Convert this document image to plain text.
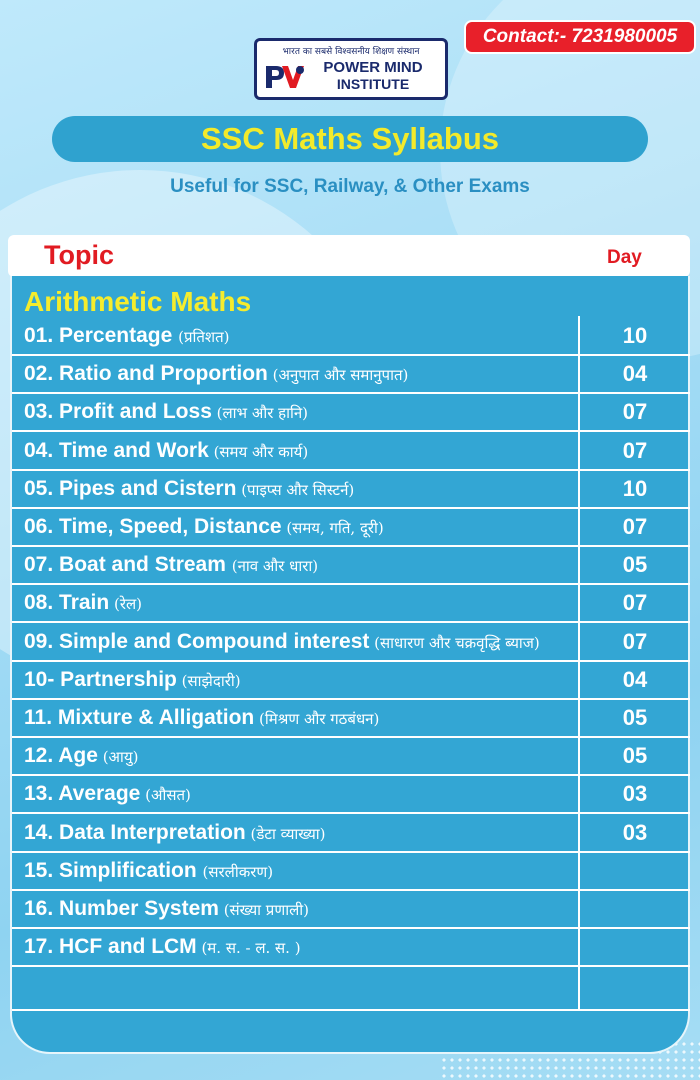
Contact:- 7231980005
भारत का सबसे विश्वसनीय शिक्षण संस्थान
POWER MIND
INSTITUTE
SSC Maths Syllabus
Useful for SSC, Railway, & Other Exams
Topic	Day
Arithmetic Maths
01. Percentage (प्रतिशत)	10
02. Ratio and Proportion (अनुपात और समानुपात)	04
03. Profit and Loss (लाभ और हानि)	07
04. Time and Work (समय और कार्य)	07
05. Pipes and Cistern (पाइप्स और सिस्टर्न)	10
06. Time, Speed, Distance (समय, गति, दूरी)	07
07. Boat and Stream (नाव और धारा)	05
08. Train (रेल)	07
09. Simple and Compound interest (साधारण और चक्रवृद्धि ब्याज)	07
10- Partnership (साझेदारी)	04
11. Mixture & Alligation (मिश्रण और गठबंधन)	05
12. Age (आयु)	05
13. Average (औसत)	03
14. Data Interpretation (डेटा व्याख्या)	03
15. Simplification (सरलीकरण)
16. Number System (संख्या प्रणाली)
17. HCF and LCM (म. स. - ल. स. )
